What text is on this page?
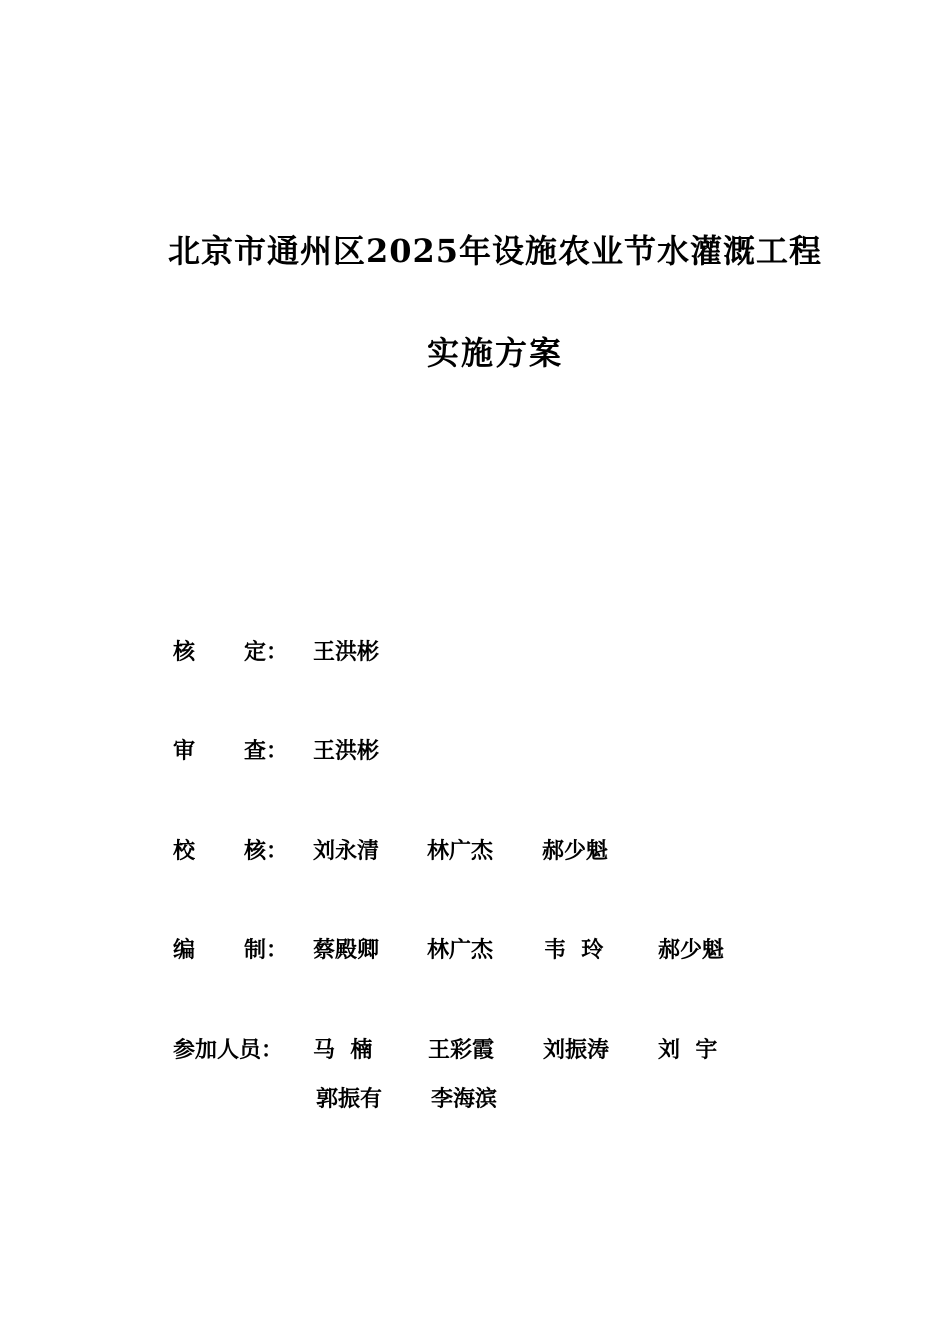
北京市通州区2025年设施农业节水灌溉工程
实施方案
核 定： 王洪彬
审 查： 王洪彬
校 核： 刘永清	林广杰	郝少魁
编 制： 蔡殿卿	林广杰	韦  玲	郝少魁
参加人员： 马  楠	王彩霞	刘振涛	刘  宇
郭振有	李海滨
